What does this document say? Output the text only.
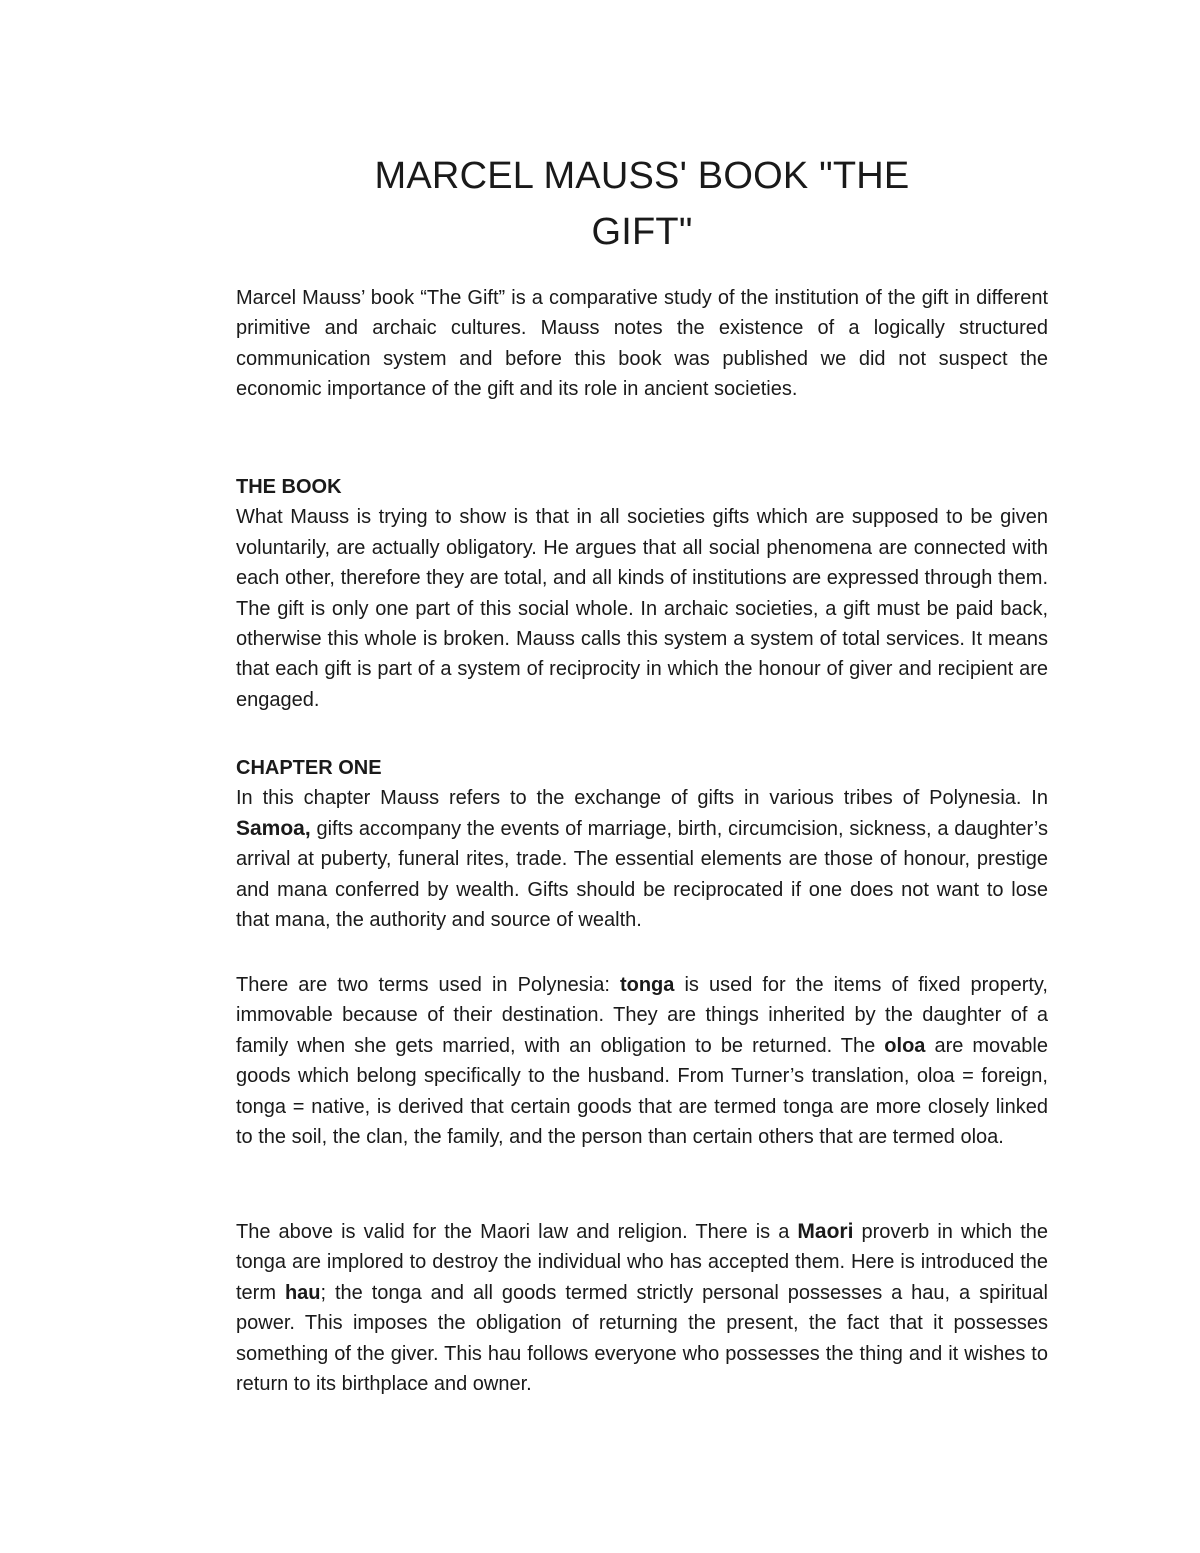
MARCEL MAUSS' BOOK "THE
GIFT"

Marcel Mauss’ book “The Gift” is a comparative study of the institution of the gift in different primitive and archaic cultures. Mauss notes the existence of a logically structured communication system and before this book was published we did not suspect the economic importance of the gift and its role in ancient societies.

THE BOOK

What Mauss is trying to show is that in all societies gifts which are supposed to be given voluntarily, are actually obligatory. He argues that all social phenomena are connected with each other, therefore they are total, and all kinds of institutions are expressed through them. The gift is only one part of this social whole. In archaic societies, a gift must be paid back, otherwise this whole is broken. Mauss calls this system a system of total services. It means that each gift is part of a system of reciprocity in which the honour of giver and recipient are engaged.

CHAPTER ONE

In this chapter Mauss refers to the exchange of gifts in various tribes of Polynesia. In Samoa, gifts accompany the events of marriage, birth, circumcision, sickness, a daughter’s arrival at puberty, funeral rites, trade. The essential elements are those of honour, prestige and mana conferred by wealth. Gifts should be reciprocated if one does not want to lose that mana, the authority and source of wealth.

There are two terms used in Polynesia: tonga is used for the items of fixed property, immovable because of their destination. They are things inherited by the daughter of a family when she gets married, with an obligation to be returned. The oloa are movable goods which belong specifically to the husband. From Turner’s translation, oloa = foreign, tonga = native, is derived that certain goods that are termed tonga are more closely linked to the soil, the clan, the family, and the person than certain others that are termed oloa.

The above is valid for the Maori law and religion. There is a Maori proverb in which the tonga are implored to destroy the individual who has accepted them. Here is introduced the term hau; the tonga and all goods termed strictly personal possesses a hau, a spiritual power. This imposes the obligation of returning the present, the fact that it possesses something of the giver. This hau follows everyone who possesses the thing and it wishes to return to its birthplace and owner.
